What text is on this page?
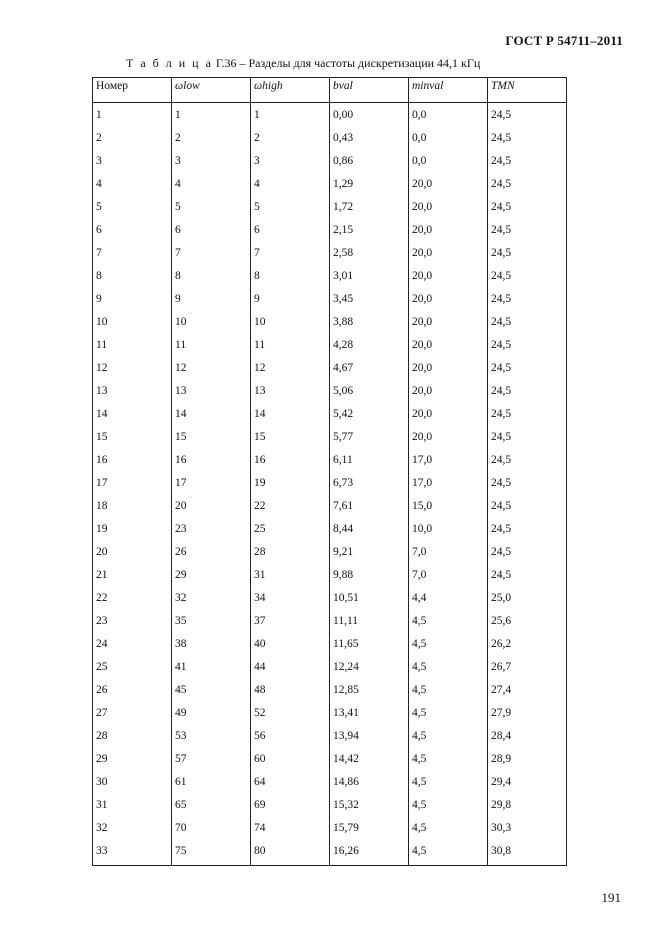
ГОСТ Р 54711–2011
Т а б л и ц а Г.36 – Разделы для частоты дискретизации 44,1 кГц
Номер	ωlow	ωhigh	bval	minval	TMN
1	1	1	0,00	0,0	24,5
2	2	2	0,43	0,0	24,5
3	3	3	0,86	0,0	24,5
4	4	4	1,29	20,0	24,5
5	5	5	1,72	20,0	24,5
6	6	6	2,15	20,0	24,5
7	7	7	2,58	20,0	24,5
8	8	8	3,01	20,0	24,5
9	9	9	3,45	20,0	24,5
10	10	10	3,88	20,0	24,5
11	11	11	4,28	20,0	24,5
12	12	12	4,67	20,0	24,5
13	13	13	5,06	20,0	24,5
14	14	14	5,42	20,0	24,5
15	15	15	5,77	20,0	24,5
16	16	16	6,11	17,0	24,5
17	17	19	6,73	17,0	24,5
18	20	22	7,61	15,0	24,5
19	23	25	8,44	10,0	24,5
20	26	28	9,21	7,0	24,5
21	29	31	9,88	7,0	24,5
22	32	34	10,51	4,4	25,0
23	35	37	11,11	4,5	25,6
24	38	40	11,65	4,5	26,2
25	41	44	12,24	4,5	26,7
26	45	48	12,85	4,5	27,4
27	49	52	13,41	4,5	27,9
28	53	56	13,94	4,5	28,4
29	57	60	14,42	4,5	28,9
30	61	64	14,86	4,5	29,4
31	65	69	15,32	4,5	29,8
32	70	74	15,79	4,5	30,3
33	75	80	16,26	4,5	30,8
191
